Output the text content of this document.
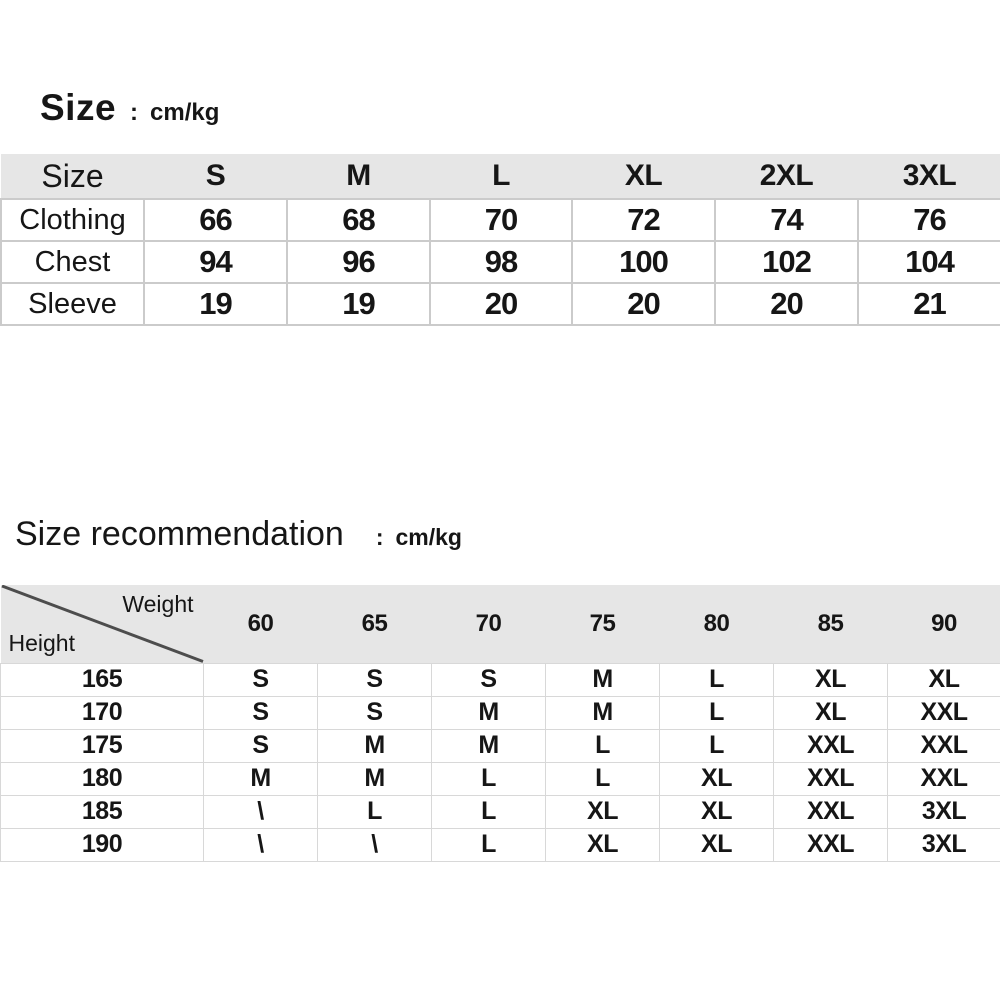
Size : cm/kg
Size	S	M	L	XL	2XL	3XL
Clothing	66	68	70	72	74	76
Chest	94	96	98	100	102	104
Sleeve	19	19	20	20	20	21
Size recommendation : cm/kg
Weight
Height	60	65	70	75	80	85	90
165	S	S	S	M	L	XL	XL
170	S	S	M	M	L	XL	XXL
175	S	M	M	L	L	XXL	XXL
180	M	M	L	L	XL	XXL	XXL
185	\	L	L	XL	XL	XXL	3XL
190	\	\	L	XL	XL	XXL	3XL
